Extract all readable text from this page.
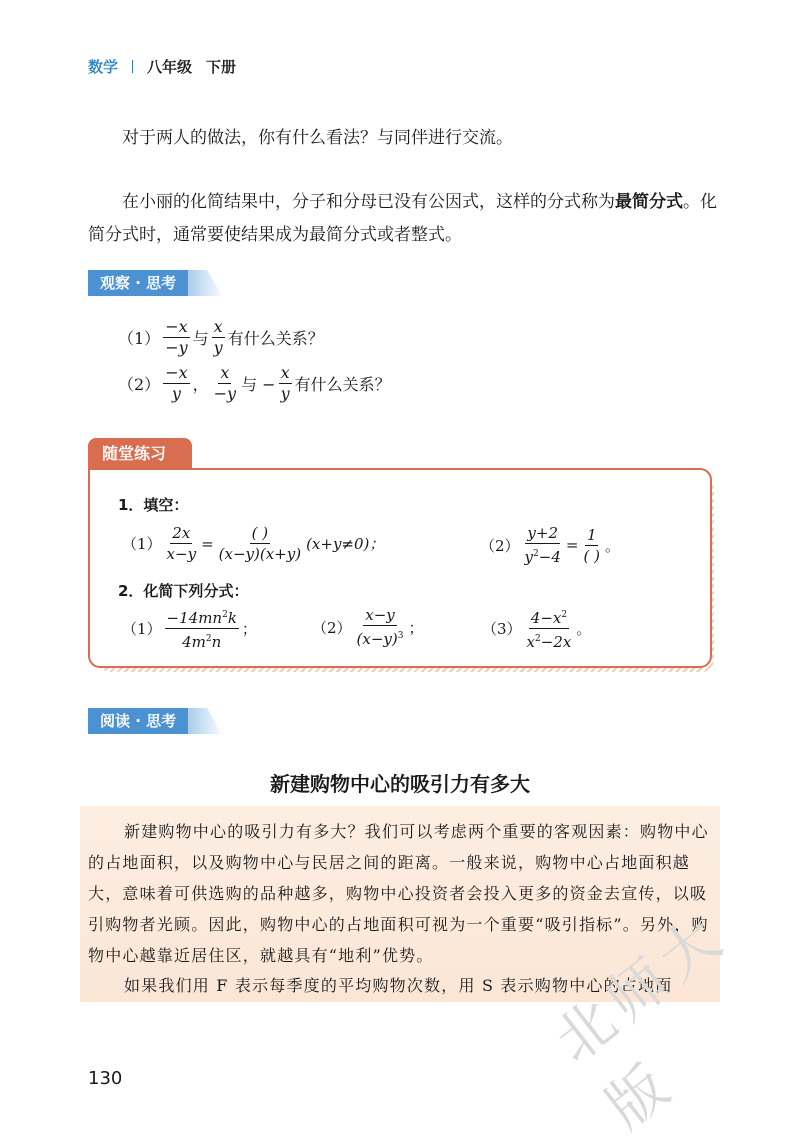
数学 八年级 下册
对于两人的做法，你有什么看法？与同伴进行交流。
在小丽的化简结果中，分子和分母已没有公因式，这样的分式称为最简分式。化简分式时，通常要使结果成为最简分式或者整式。
观察 · 思考
$(1) \frac{-x}{-y}$ 与 $\frac{x}{y}$ 有什么关系？
$(2) \frac{-x}{y}$ ， $\frac{x}{-y}$ 与 − $\frac{x}{y}$ 有什么关系？
随堂练习
1．填空：
$(1) \frac{2x}{x-y} = \frac{( )}{(x-y)(x+y)} (x+y\ne 0)$；	$(2) \frac{y+2}{y^2-4} = \frac{1}{( )}$ 。
2．化简下列分式：
$(1) \frac{-14mn^2k}{4m^2n}$ ；	$(2) \frac{x-y}{(x-y)^3}$ ；	$(3) \frac{4-x^2}{x^2-2x}$ 。
阅读 · 思考
新建购物中心的吸引力有多大
新建购物中心的吸引力有多大？我们可以考虑两个重要的客观因素：购物中心的占地面积，以及购物中心与民居之间的距离。一般来说，购物中心占地面积越大，意味着可供选购的品种越多，购物中心投资者会投入更多的资金去宣传，以吸引购物者光顾。因此，购物中心的占地面积可视为一个重要“吸引指标”。另外，购物中心越靠近居住区，就越具有“地利”优势。
如果我们用 F 表示每季度的平均购物次数，用 S 表示购物中心的占地面
北师大版
130
